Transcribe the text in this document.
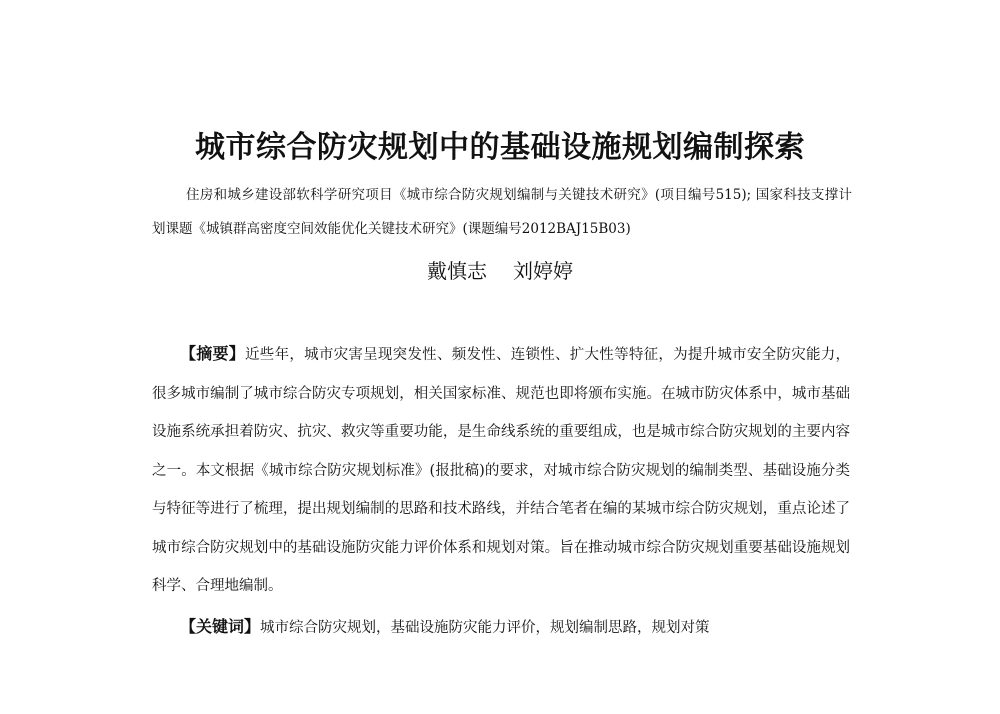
城市综合防灾规划中的基础设施规划编制探索
住房和城乡建设部软科学研究项目《城市综合防灾规划编制与关键技术研究》(项目编号515); 国家科技支撑计划课题《城镇群高密度空间效能优化关键技术研究》(课题编号2012BAJ15B03)
戴慎志 刘婷婷
【摘要】近些年，城市灾害呈现突发性、频发性、连锁性、扩大性等特征，为提升城市安全防灾能力，很多城市编制了城市综合防灾专项规划，相关国家标准、规范也即将颁布实施。在城市防灾体系中，城市基础设施系统承担着防灾、抗灾、救灾等重要功能，是生命线系统的重要组成，也是城市综合防灾规划的主要内容之一。本文根据《城市综合防灾规划标准》(报批稿)的要求，对城市综合防灾规划的编制类型、基础设施分类与特征等进行了梳理，提出规划编制的思路和技术路线，并结合笔者在编的某城市综合防灾规划，重点论述了城市综合防灾规划中的基础设施防灾能力评价体系和规划对策。旨在推动城市综合防灾规划重要基础设施规划科学、合理地编制。
【关键词】城市综合防灾规划，基础设施防灾能力评价，规划编制思路，规划对策
